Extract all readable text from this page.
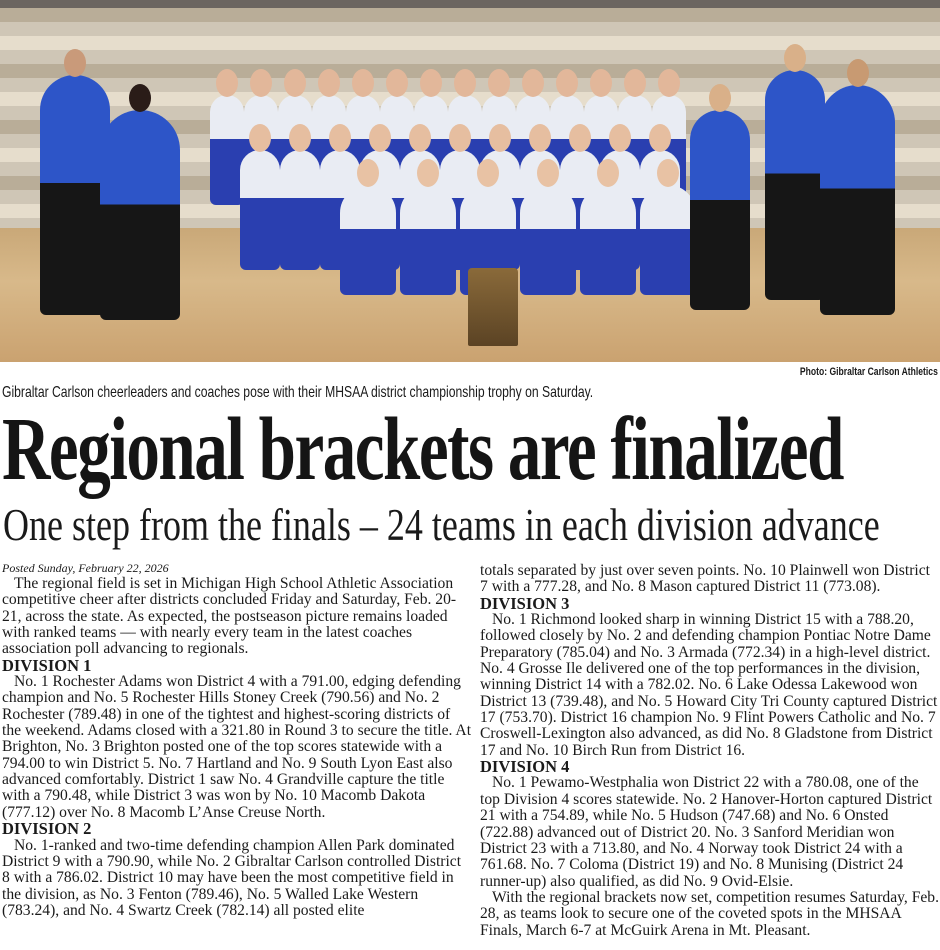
Photo: Gibraltar Carlson Athletics
Gibraltar Carlson cheerleaders and coaches pose with their MHSAA district championship trophy on Saturday.
Regional brackets are finalized
One step from the finals – 24 teams in each division advance
Posted Sunday, February 22, 2026

The regional field is set in Michigan High School Athletic Association competitive cheer after districts concluded Friday and Saturday, Feb. 20-21, across the state. As expected, the postseason picture remains loaded with ranked teams — with nearly every team in the latest coaches association poll advancing to regionals.

DIVISION 1

No. 1 Rochester Adams won District 4 with a 791.00, edging defending champion and No. 5 Rochester Hills Stoney Creek (790.56) and No. 2 Rochester (789.48) in one of the tightest and highest-scoring districts of the weekend. Adams closed with a 321.80 in Round 3 to secure the title. At Brighton, No. 3 Brighton posted one of the top scores statewide with a 794.00 to win District 5. No. 7 Hartland and No. 9 South Lyon East also advanced comfortably. District 1 saw No. 4 Grandville capture the title with a 790.48, while District 3 was won by No. 10 Macomb Dakota (777.12) over No. 8 Macomb L’Anse Creuse North.

DIVISION 2

No. 1-ranked and two-time defending champion Allen Park dominated District 9 with a 790.90, while No. 2 Gibraltar Carlson controlled District 8 with a 786.02. District 10 may have been the most competitive field in the division, as No. 3 Fenton (789.46), No. 5 Walled Lake Western (783.24), and No. 4 Swartz Creek (782.14) all posted elite

totals separated by just over seven points. No. 10 Plainwell won District 7 with a 777.28, and No. 8 Mason captured District 11 (773.08).

DIVISION 3

No. 1 Richmond looked sharp in winning District 15 with a 788.20, followed closely by No. 2 and defending champion Pontiac Notre Dame Preparatory (785.04) and No. 3 Armada (772.34) in a high-level district. No. 4 Grosse Ile delivered one of the top performances in the division, winning District 14 with a 782.02. No. 6 Lake Odessa Lakewood won District 13 (739.48), and No. 5 Howard City Tri County captured District 17 (753.70). District 16 champion No. 9 Flint Powers Catholic and No. 7 Croswell-Lexington also advanced, as did No. 8 Gladstone from District 17 and No. 10 Birch Run from District 16.

DIVISION 4

No. 1 Pewamo-Westphalia won District 22 with a 780.08, one of the top Division 4 scores statewide. No. 2 Hanover-Horton captured District 21 with a 754.89, while No. 5 Hudson (747.68) and No. 6 Onsted (722.88) advanced out of District 20. No. 3 Sanford Meridian won District 23 with a 713.80, and No. 4 Norway took District 24 with a 761.68. No. 7 Coloma (District 19) and No. 8 Munising (District 24 runner-up) also qualified, as did No. 9 Ovid-Elsie.

With the regional brackets now set, competition resumes Saturday, Feb. 28, as teams look to secure one of the coveted spots in the MHSAA Finals, March 6-7 at McGuirk Arena in Mt. Pleasant.
